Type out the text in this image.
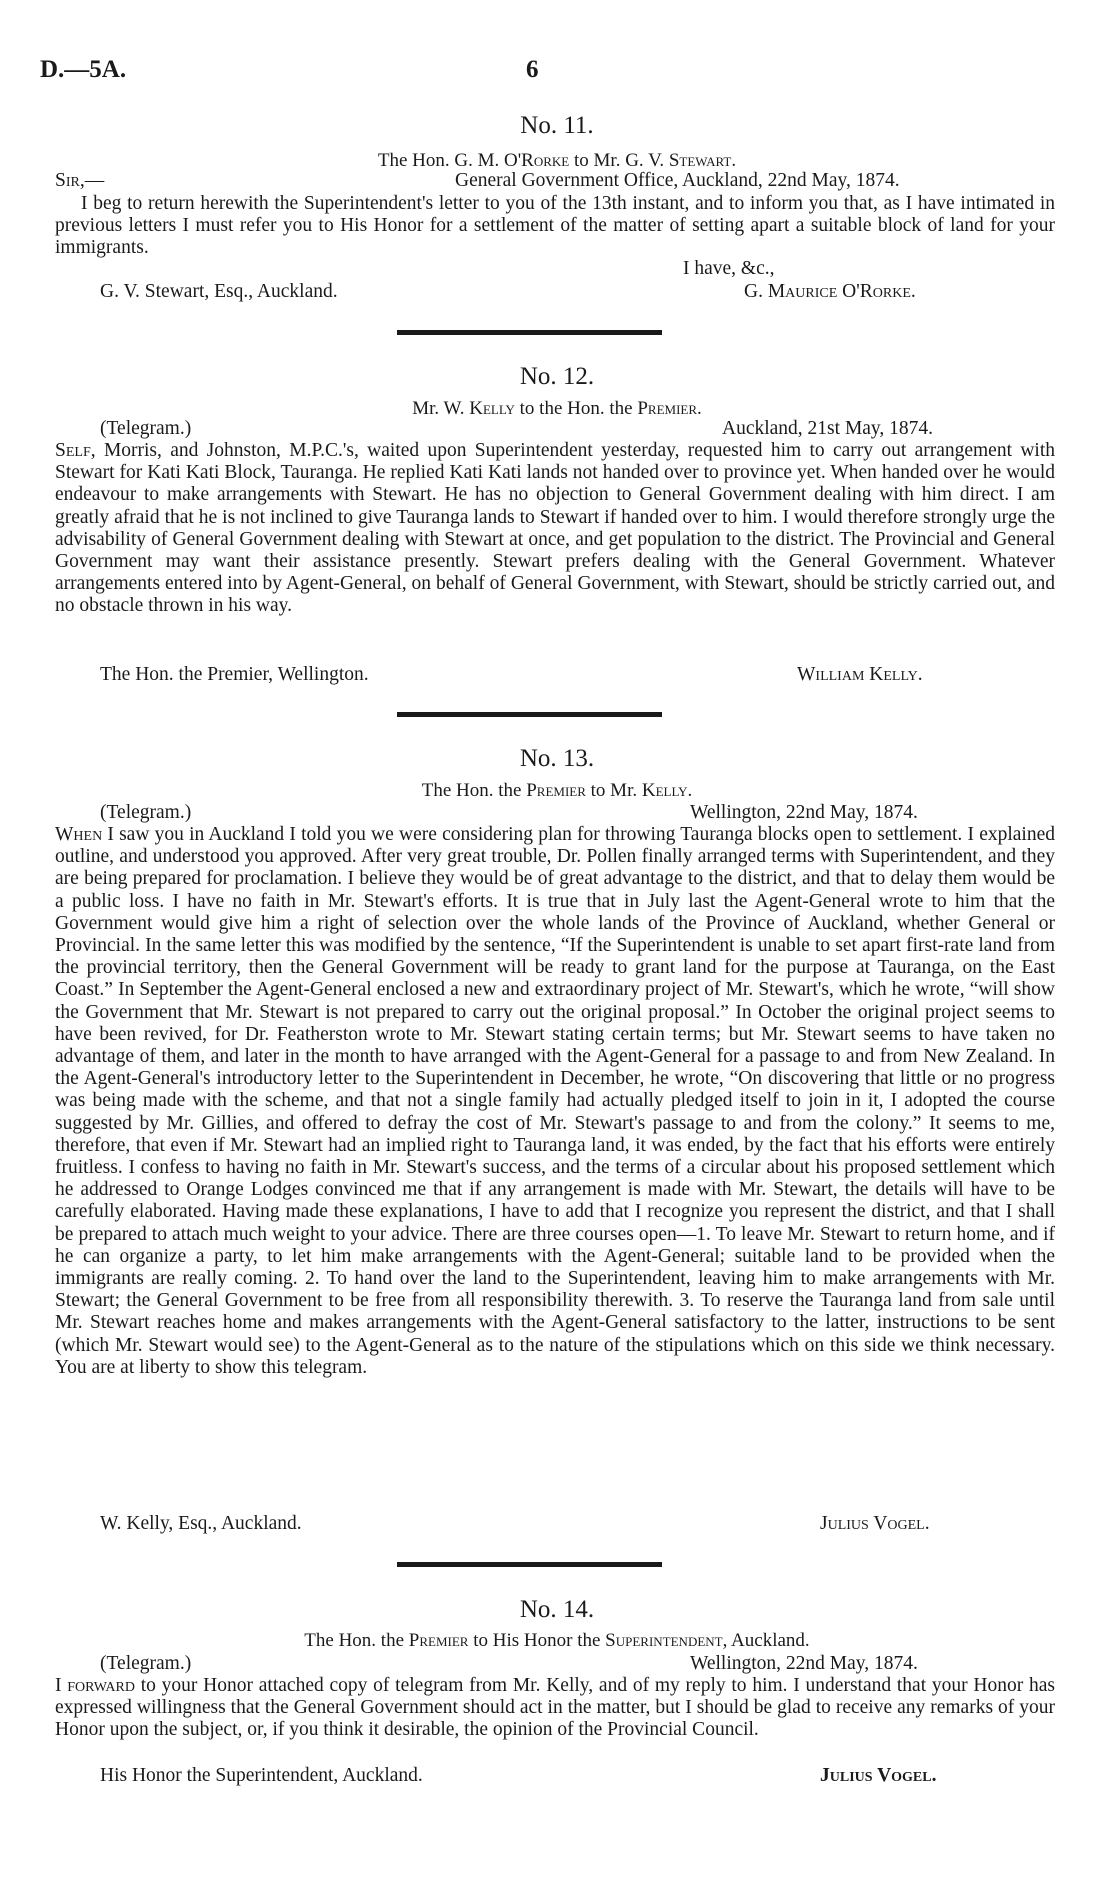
D.—5A.	6
No. 11.
The Hon. G. M. O'Rorke to Mr. G. V. Stewart.
Sir,—	General Government Office, Auckland, 22nd May, 1874.
I beg to return herewith the Superintendent's letter to you of the 13th instant, and to inform you that, as I have intimated in previous letters I must refer you to His Honor for a settlement of the matter of setting apart a suitable block of land for your immigrants.
I have, &c.,
G. V. Stewart, Esq., Auckland.	G. Maurice O'Rorke.
No. 12.
Mr. W. Kelly to the Hon. the Premier.
(Telegram.)	Auckland, 21st May, 1874.
Self, Morris, and Johnston, M.P.C.'s, waited upon Superintendent yesterday, requested him to carry out arrangement with Stewart for Kati Kati Block, Tauranga. He replied Kati Kati lands not handed over to province yet. When handed over he would endeavour to make arrangements with Stewart. He has no objection to General Government dealing with him direct. I am greatly afraid that he is not inclined to give Tauranga lands to Stewart if handed over to him. I would therefore strongly urge the advisability of General Government dealing with Stewart at once, and get population to the district. The Provincial and General Government may want their assistance presently. Stewart prefers dealing with the General Government. Whatever arrangements entered into by Agent-General, on behalf of General Government, with Stewart, should be strictly carried out, and no obstacle thrown in his way.
The Hon. the Premier, Wellington.	William Kelly.
No. 13.
The Hon. the Premier to Mr. Kelly.
(Telegram.)	Wellington, 22nd May, 1874.
When I saw you in Auckland I told you we were considering plan for throwing Tauranga blocks open to settlement. I explained outline, and understood you approved. After very great trouble, Dr. Pollen finally arranged terms with Superintendent, and they are being prepared for proclamation. I believe they would be of great advantage to the district, and that to delay them would be a public loss. I have no faith in Mr. Stewart's efforts. It is true that in July last the Agent-General wrote to him that the Government would give him a right of selection over the whole lands of the Province of Auckland, whether General or Provincial. In the same letter this was modified by the sentence, “If the Superintendent is unable to set apart first-rate land from the provincial territory, then the General Government will be ready to grant land for the purpose at Tauranga, on the East Coast.” In September the Agent-General enclosed a new and extraordinary project of Mr. Stewart's, which he wrote, “will show the Government that Mr. Stewart is not prepared to carry out the original proposal.” In October the original project seems to have been revived, for Dr. Featherston wrote to Mr. Stewart stating certain terms; but Mr. Stewart seems to have taken no advantage of them, and later in the month to have arranged with the Agent-General for a passage to and from New Zealand. In the Agent-General's introductory letter to the Superintendent in December, he wrote, “On discovering that little or no progress was being made with the scheme, and that not a single family had actually pledged itself to join in it, I adopted the course suggested by Mr. Gillies, and offered to defray the cost of Mr. Stewart's passage to and from the colony.” It seems to me, therefore, that even if Mr. Stewart had an implied right to Tauranga land, it was ended, by the fact that his efforts were entirely fruitless. I confess to having no faith in Mr. Stewart's success, and the terms of a circular about his proposed settlement which he addressed to Orange Lodges convinced me that if any arrangement is made with Mr. Stewart, the details will have to be carefully elaborated. Having made these explanations, I have to add that I recognize you represent the district, and that I shall be prepared to attach much weight to your advice. There are three courses open—1. To leave Mr. Stewart to return home, and if he can organize a party, to let him make arrangements with the Agent-General; suitable land to be provided when the immigrants are really coming. 2. To hand over the land to the Superintendent, leaving him to make arrangements with Mr. Stewart; the General Government to be free from all responsibility therewith. 3. To reserve the Tauranga land from sale until Mr. Stewart reaches home and makes arrangements with the Agent-General satisfactory to the latter, instructions to be sent (which Mr. Stewart would see) to the Agent-General as to the nature of the stipulations which on this side we think necessary. You are at liberty to show this telegram.
W. Kelly, Esq., Auckland.	Julius Vogel.
No. 14.
The Hon. the Premier to His Honor the Superintendent, Auckland.
(Telegram.)	Wellington, 22nd May, 1874.
I forward to your Honor attached copy of telegram from Mr. Kelly, and of my reply to him. I understand that your Honor has expressed willingness that the General Government should act in the matter, but I should be glad to receive any remarks of your Honor upon the subject, or, if you think it desirable, the opinion of the Provincial Council.
His Honor the Superintendent, Auckland.	Julius Vogel.
